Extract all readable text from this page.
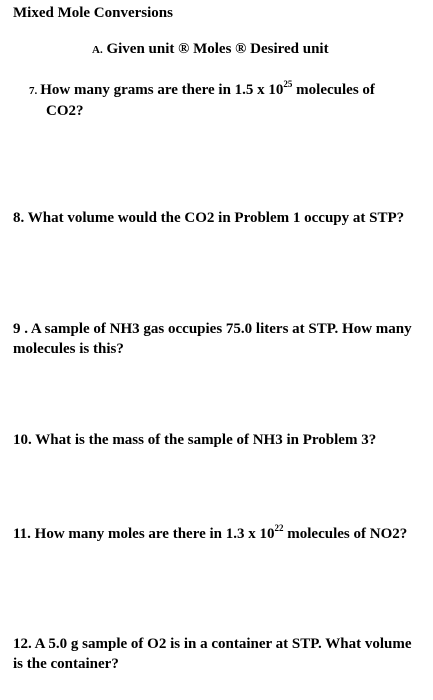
Mixed Mole Conversions
A. Given unit ® Moles ® Desired unit
7. How many grams are there in 1.5 x $10^{25}$ molecules of
CO2?
8. What volume would the CO2 in Problem 1 occupy at STP?
9 . A sample of NH3 gas occupies 75.0 liters at STP. How many molecules is this?
10. What is the mass of the sample of NH3 in Problem 3?
11. How many moles are there in 1.3 x $10^{22}$ molecules of NO2?
12. A 5.0 g sample of O2 is in a container at STP. What volume is the container?
